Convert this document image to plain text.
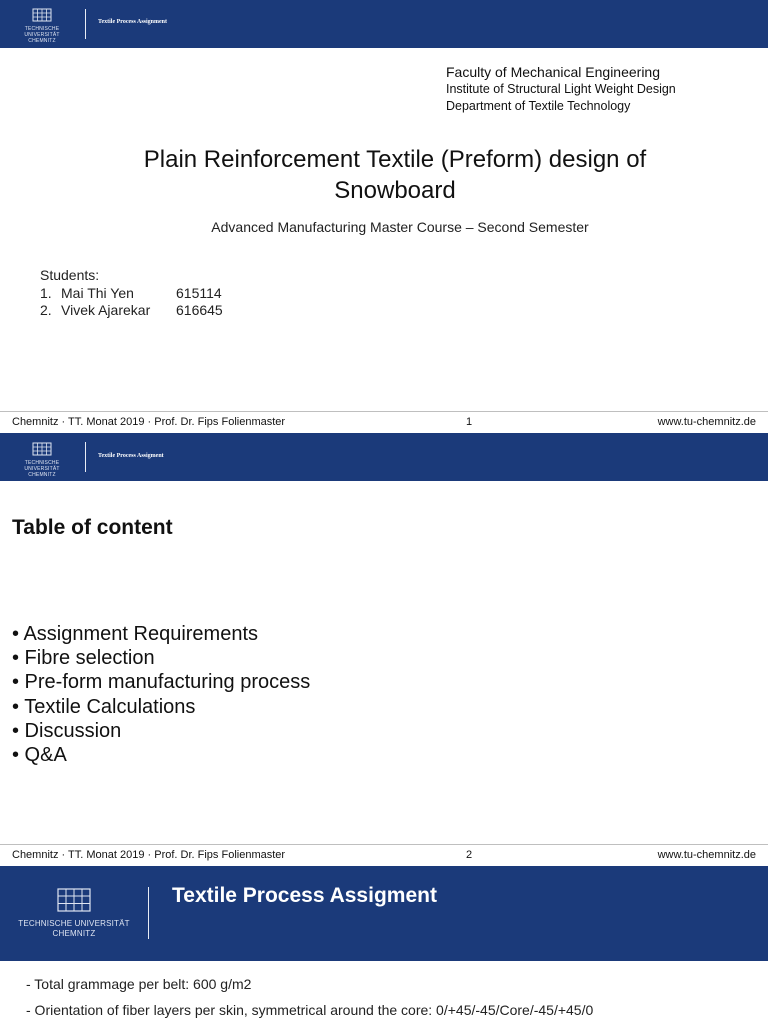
TECHNISCHE UNIVERSITÄT
CHEMNITZ
Textile Process Assignment
Faculty of Mechanical Engineering
Institute of Structural Light Weight Design
Department of Textile Technology
Plain Reinforcement Textile (Preform) design of
Snowboard
Advanced Manufacturing Master Course – Second Semester
Students:
1. Mai Thi Yen	615114
2. Vivek Ajarekar	616645
Chemnitz · TT. Monat 2019 · Prof. Dr. Fips Folienmaster	1	www.tu-chemnitz.de
TECHNISCHE UNIVERSITÄT
CHEMNITZ
Textile Process Assigment
Table of content
• Assignment Requirements
• Fibre selection
• Pre-form manufacturing process
• Textile Calculations
• Discussion
• Q&A
Chemnitz · TT. Monat 2019 · Prof. Dr. Fips Folienmaster	2	www.tu-chemnitz.de
TECHNISCHE UNIVERSITÄT
CHEMNITZ
Textile Process Assigment
- Total grammage per belt: 600 g/m2
- Orientation of fiber layers per skin, symmetrical around the core: 0/+45/-45/Core/-45/+45/0
